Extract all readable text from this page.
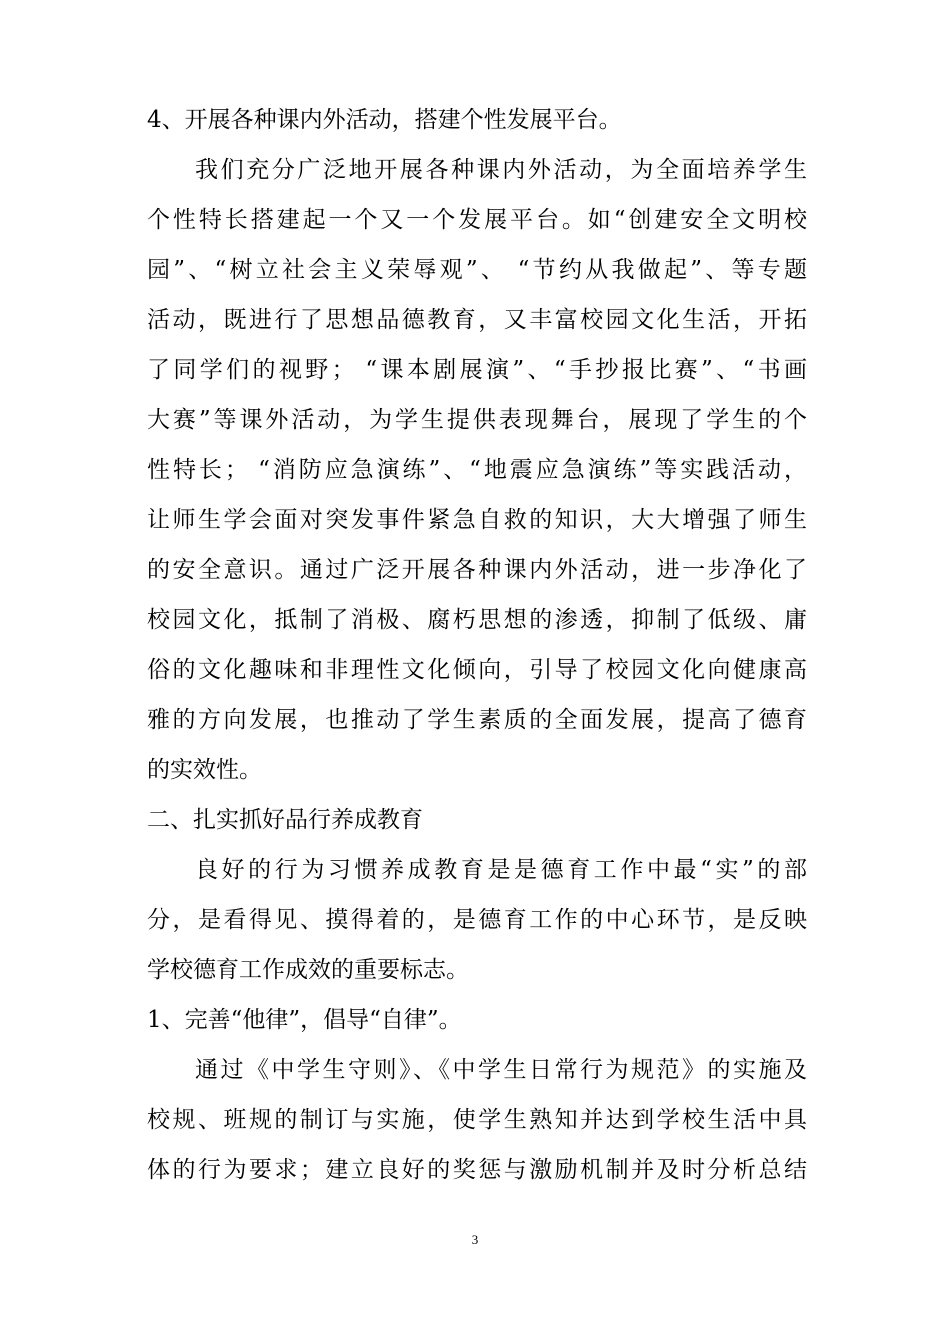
4、开展各种课内外活动，搭建个性发展平台。
我们充分广泛地开展各种课内外活动，为全面培养学生
个性特长搭建起一个又一个发展平台。如“创建安全文明校
园”、“树立社会主义荣辱观”、 “节约从我做起”、等专题
活动，既进行了思想品德教育，又丰富校园文化生活，开拓
了同学们的视野； “课本剧展演”、“手抄报比赛”、“书画
大赛”等课外活动，为学生提供表现舞台，展现了学生的个
性特长； “消防应急演练”、“地震应急演练”等实践活动，
让师生学会面对突发事件紧急自救的知识，大大增强了师生
的安全意识。通过广泛开展各种课内外活动，进一步净化了
校园文化，抵制了消极、腐朽思想的渗透，抑制了低级、庸
俗的文化趣味和非理性文化倾向，引导了校园文化向健康高
雅的方向发展，也推动了学生素质的全面发展，提高了德育
的实效性。
二、扎实抓好品行养成教育
良好的行为习惯养成教育是是德育工作中最“实”的部
分，是看得见、摸得着的，是德育工作的中心环节，是反映
学校德育工作成效的重要标志。
1、完善“他律”，倡导“自律”。
通过《中学生守则》、《中学生日常行为规范》的实施及
校规、班规的制订与实施，使学生熟知并达到学校生活中具
体的行为要求；建立良好的奖惩与激励机制并及时分析总结
3
